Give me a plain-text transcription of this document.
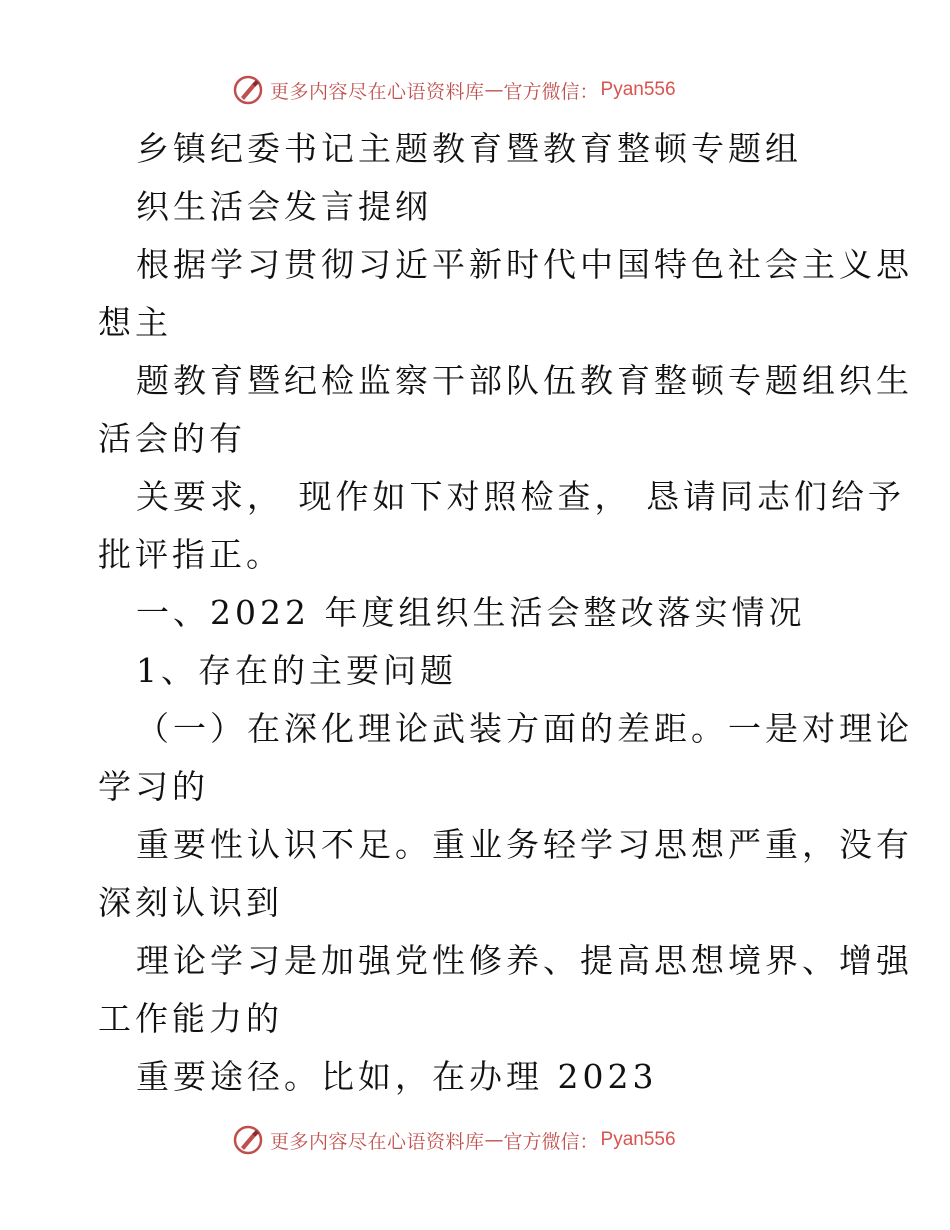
更多内容尽在心语资料库 — 官方微信： Pyan556
乡镇纪委书记主题教育暨教育整顿专题组
织生活会发言提纲
根据学习贯彻习近平新时代中国特色社会主义思
想主
题教育暨纪检监察干部队伍教育整顿专题组织生
活会的有
关要求， 现作如下对照检查， 恳请同志们给予
批评指正。
一、2022 年度组织生活会整改落实情况
1、存在的主要问题
（一）在深化理论武装方面的差距。一是对理论
学习的
重要性认识不足。重业务轻学习思想严重，没有
深刻认识到
理论学习是加强党性修养、提高思想境界、增强
工作能力的
重要途径。比如，在办理 2023
更多内容尽在心语资料库 — 官方微信： Pyan556
